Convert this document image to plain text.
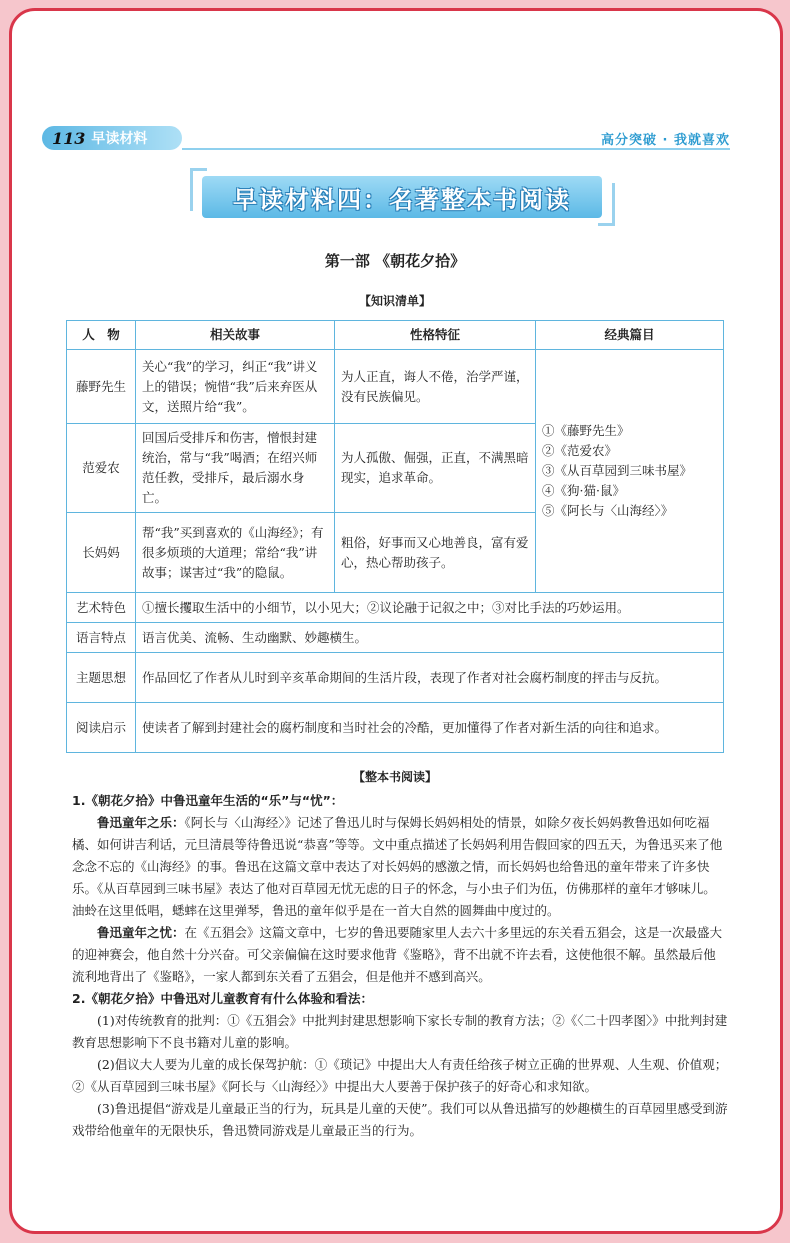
113 早读材料	高分突破 · 我就喜欢
早读材料四：名著整本书阅读
第一部 《朝花夕拾》
【知识清单】
人　物	相关故事	性格特征	经典篇目
藤野先生	关心“我”的学习，纠正“我”讲义上的错误；惋惜“我”后来弃医从文，送照片给“我”。	为人正直，诲人不倦，治学严谨，没有民族偏见。	①《藤野先生》
②《范爱农》
③《从百草园到三味书屋》
④《狗·猫·鼠》
⑤《阿长与〈山海经〉》

范爱农	回国后受排斥和伤害，憎恨封建统治，常与“我”喝酒；在绍兴师范任教，受排斥，最后溺水身亡。	为人孤傲、倔强，正直，不满黑暗现实，追求革命。	
长妈妈	帮“我”买到喜欢的《山海经》；有很多烦琐的大道理；常给“我”讲故事；谋害过“我”的隐鼠。	粗俗，好事而又心地善良，富有爱心，热心帮助孩子。	
艺术特色	①擅长攫取生活中的小细节，以小见大；②议论融于记叙之中；③对比手法的巧妙运用。		
语言特点	语言优美、流畅、生动幽默、妙趣横生。		
主题思想	作品回忆了作者从儿时到辛亥革命期间的生活片段，表现了作者对社会腐朽制度的抨击与反抗。		
阅读启示	使读者了解到封建社会的腐朽制度和当时社会的冷酷，更加懂得了作者对新生活的向往和追求。		
【整本书阅读】

1.《朝花夕拾》中鲁迅童年生活的“乐”与“忧”：

鲁迅童年之乐：《阿长与〈山海经〉》记述了鲁迅儿时与保姆长妈妈相处的情景，如除夕夜长妈妈教鲁迅如何吃福橘、如何讲吉利话，元旦清晨等待鲁迅说“恭喜”等等。文中重点描述了长妈妈利用告假回家的四五天，为鲁迅买来了他念念不忘的《山海经》的事。鲁迅在这篇文章中表达了对长妈妈的感激之情，而长妈妈也给鲁迅的童年带来了许多快乐。《从百草园到三味书屋》表达了他对百草园无忧无虑的日子的怀念，与小虫子们为伍，仿佛那样的童年才够味儿。油蛉在这里低唱，蟋蟀在这里弹琴，鲁迅的童年似乎是在一首大自然的圆舞曲中度过的。

鲁迅童年之忧：在《五猖会》这篇文章中，七岁的鲁迅要随家里人去六十多里远的东关看五猖会，这是一次最盛大的迎神赛会，他自然十分兴奋。可父亲偏偏在这时要求他背《鉴略》，背不出就不许去看，这使他很不解。虽然最后他流利地背出了《鉴略》，一家人都到东关看了五猖会，但是他并不感到高兴。

2.《朝花夕拾》中鲁迅对儿童教育有什么体验和看法：

(1)对传统教育的批判：①《五猖会》中批判封建思想影响下家长专制的教育方法；②《〈二十四孝图〉》中批判封建教育思想影响下不良书籍对儿童的影响。

(2)倡议大人要为儿童的成长保驾护航：①《琐记》中提出大人有责任给孩子树立正确的世界观、人生观、价值观；②《从百草园到三味书屋》《阿长与〈山海经〉》中提出大人要善于保护孩子的好奇心和求知欲。

(3)鲁迅提倡“游戏是儿童最正当的行为，玩具是儿童的天使”。我们可以从鲁迅描写的妙趣横生的百草园里感受到游戏带给他童年的无限快乐，鲁迅赞同游戏是儿童最正当的行为。
